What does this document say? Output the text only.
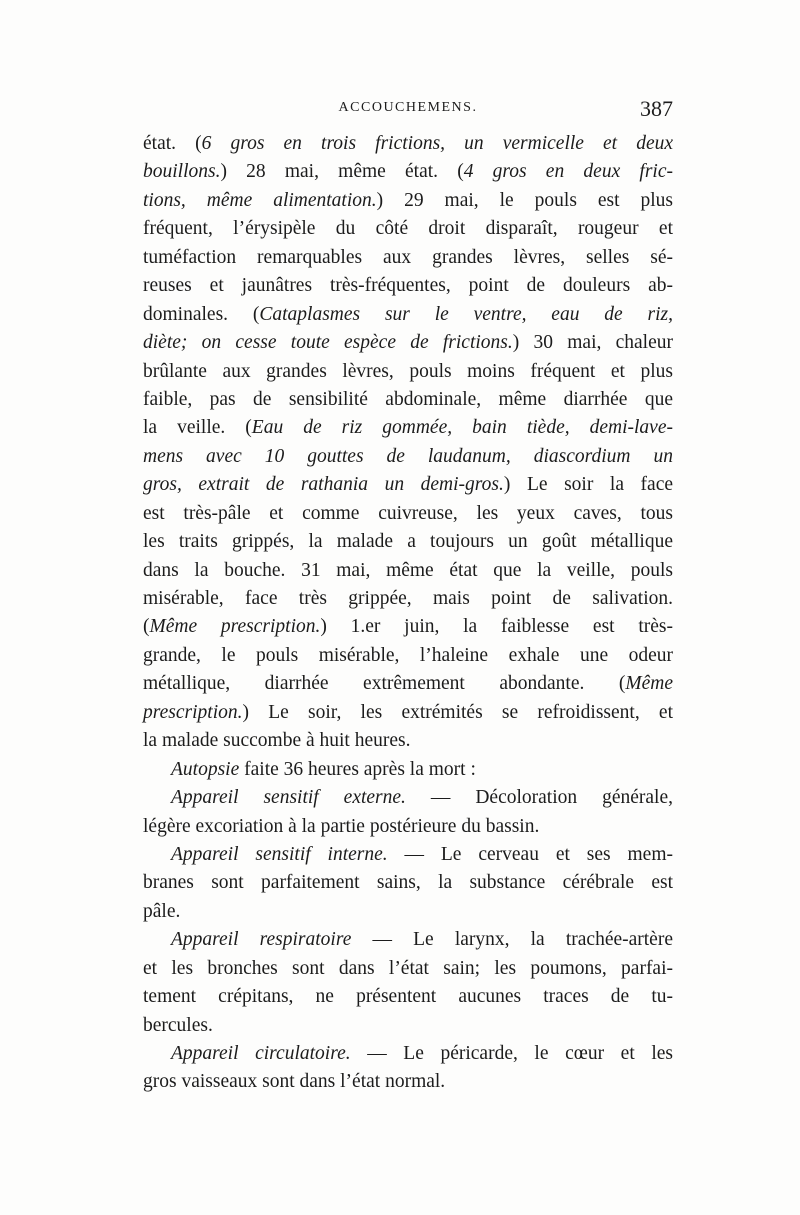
ACCOUCHEMENS.	387
état. (6 gros en trois frictions, un vermicelle et deux
bouillons.) 28 mai, même état. (4 gros en deux fric-
tions, même alimentation.) 29 mai, le pouls est plus
fréquent, l’érysipèle du côté droit disparaît, rougeur et
tuméfaction remarquables aux grandes lèvres, selles sé-
reuses et jaunâtres très-fréquentes, point de douleurs ab-
dominales. (Cataplasmes sur le ventre, eau de riz,
diète; on cesse toute espèce de frictions.) 30 mai, chaleur
brûlante aux grandes lèvres, pouls moins fréquent et plus
faible, pas de sensibilité abdominale, même diarrhée que
la veille. (Eau de riz gommée, bain tiède, demi-lave-
mens avec 10 gouttes de laudanum, diascordium un
gros, extrait de rathania un demi-gros.) Le soir la face
est très-pâle et comme cuivreuse, les yeux caves, tous
les traits grippés, la malade a toujours un goût métallique
dans la bouche. 31 mai, même état que la veille, pouls
misérable, face très grippée, mais point de salivation.
(Même prescription.) 1.er juin, la faiblesse est très-
grande, le pouls misérable, l’haleine exhale une odeur
métallique, diarrhée extrêmement abondante. (Même
prescription.) Le soir, les extrémités se refroidissent, et
la malade succombe à huit heures.
Autopsie faite 36 heures après la mort :
Appareil sensitif externe. — Décoloration générale,
légère excoriation à la partie postérieure du bassin.
Appareil sensitif interne. — Le cerveau et ses mem-
branes sont parfaitement sains, la substance cérébrale est
pâle.
Appareil respiratoire — Le larynx, la trachée-artère
et les bronches sont dans l’état sain; les poumons, parfai-
tement crépitans, ne présentent aucunes traces de tu-
bercules.
Appareil circulatoire. — Le péricarde, le cœur et les
gros vaisseaux sont dans l’état normal.
